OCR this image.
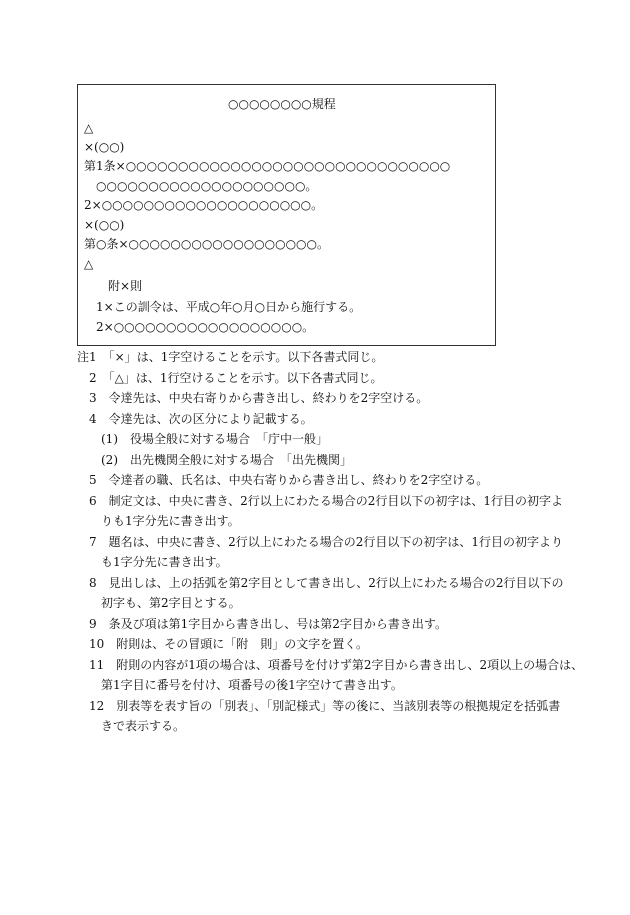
○○○○○○○○規程
△
×(○○)
第1条×○○○○○○○○○○○○○○○○○○○○○○○○○○○○○○○
○○○○○○○○○○○○○○○○○○○○。
2×○○○○○○○○○○○○○○○○○○○○。
×(○○)
第○条×○○○○○○○○○○○○○○○○○○。
△
附×則
1×この訓令は、平成○年○月○日から施行する。
2×○○○○○○○○○○○○○○○○○○。
注1　「×」は、1字空けることを示す。以下各書式同じ。
2　「△」は、1行空けることを示す。以下各書式同じ。
3　令達先は、中央右寄りから書き出し、終わりを2字空ける。
4　令達先は、次の区分により記載する。
(1)　役場全般に対する場合　「庁中一般」
(2)　出先機関全般に対する場合　「出先機関」
5　令達者の職、氏名は、中央右寄りから書き出し、終わりを2字空ける。
6　制定文は、中央に書き、2行以上にわたる場合の2行目以下の初字は、1行目の初字よ
りも1字分先に書き出す。
7　題名は、中央に書き、2行以上にわたる場合の2行目以下の初字は、1行目の初字より
も1字分先に書き出す。
8　見出しは、上の括弧を第2字目として書き出し、2行以上にわたる場合の2行目以下の
初字も、第2字目とする。
9　条及び項は第1字目から書き出し、号は第2字目から書き出す。
10　附則は、その冒頭に「附　則」の文字を置く。
11　附則の内容が1項の場合は、項番号を付けず第2字目から書き出し、2項以上の場合は、
第1字目に番号を付け、項番号の後1字空けて書き出す。
12　別表等を表す旨の「別表」、「別記様式」等の後に、当該別表等の根拠規定を括弧書
きで表示する。
